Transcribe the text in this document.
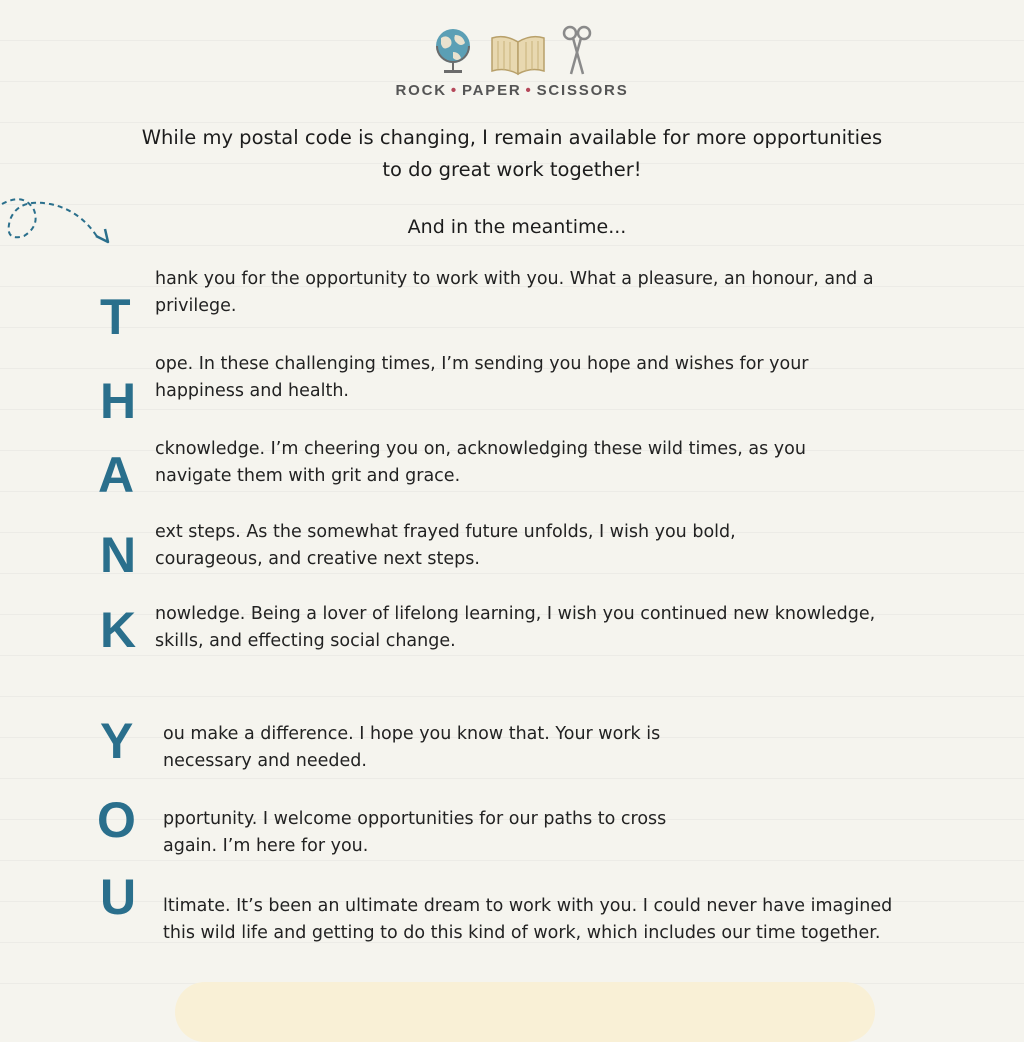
ROCK • PAPER • SCISSORS
While my postal code is changing, I remain available for more opportunities
to do great work together!
And in the meantime...
T
hank you for the opportunity to work with you. What a pleasure, an honour, and a
privilege.
H
ope. In these challenging times, I’m sending you hope and wishes for your
happiness and health.
A cknowledge. I’m cheering you on, acknowledging these wild times, as you
navigate them with grit and grace.
N ext steps. As the somewhat frayed future unfolds, I wish you bold,
courageous, and creative next steps.
K nowledge. Being a lover of lifelong learning, I wish you continued new knowledge,
skills, and effecting social change.
Y ou make a difference. I hope you know that. Your work is
necessary and needed.
O pportunity. I welcome opportunities for our paths to cross
again. I’m here for you.
U ltimate. It’s been an ultimate dream to work with you. I could never have imagined
this wild life and getting to do this kind of work, which includes our time together.
